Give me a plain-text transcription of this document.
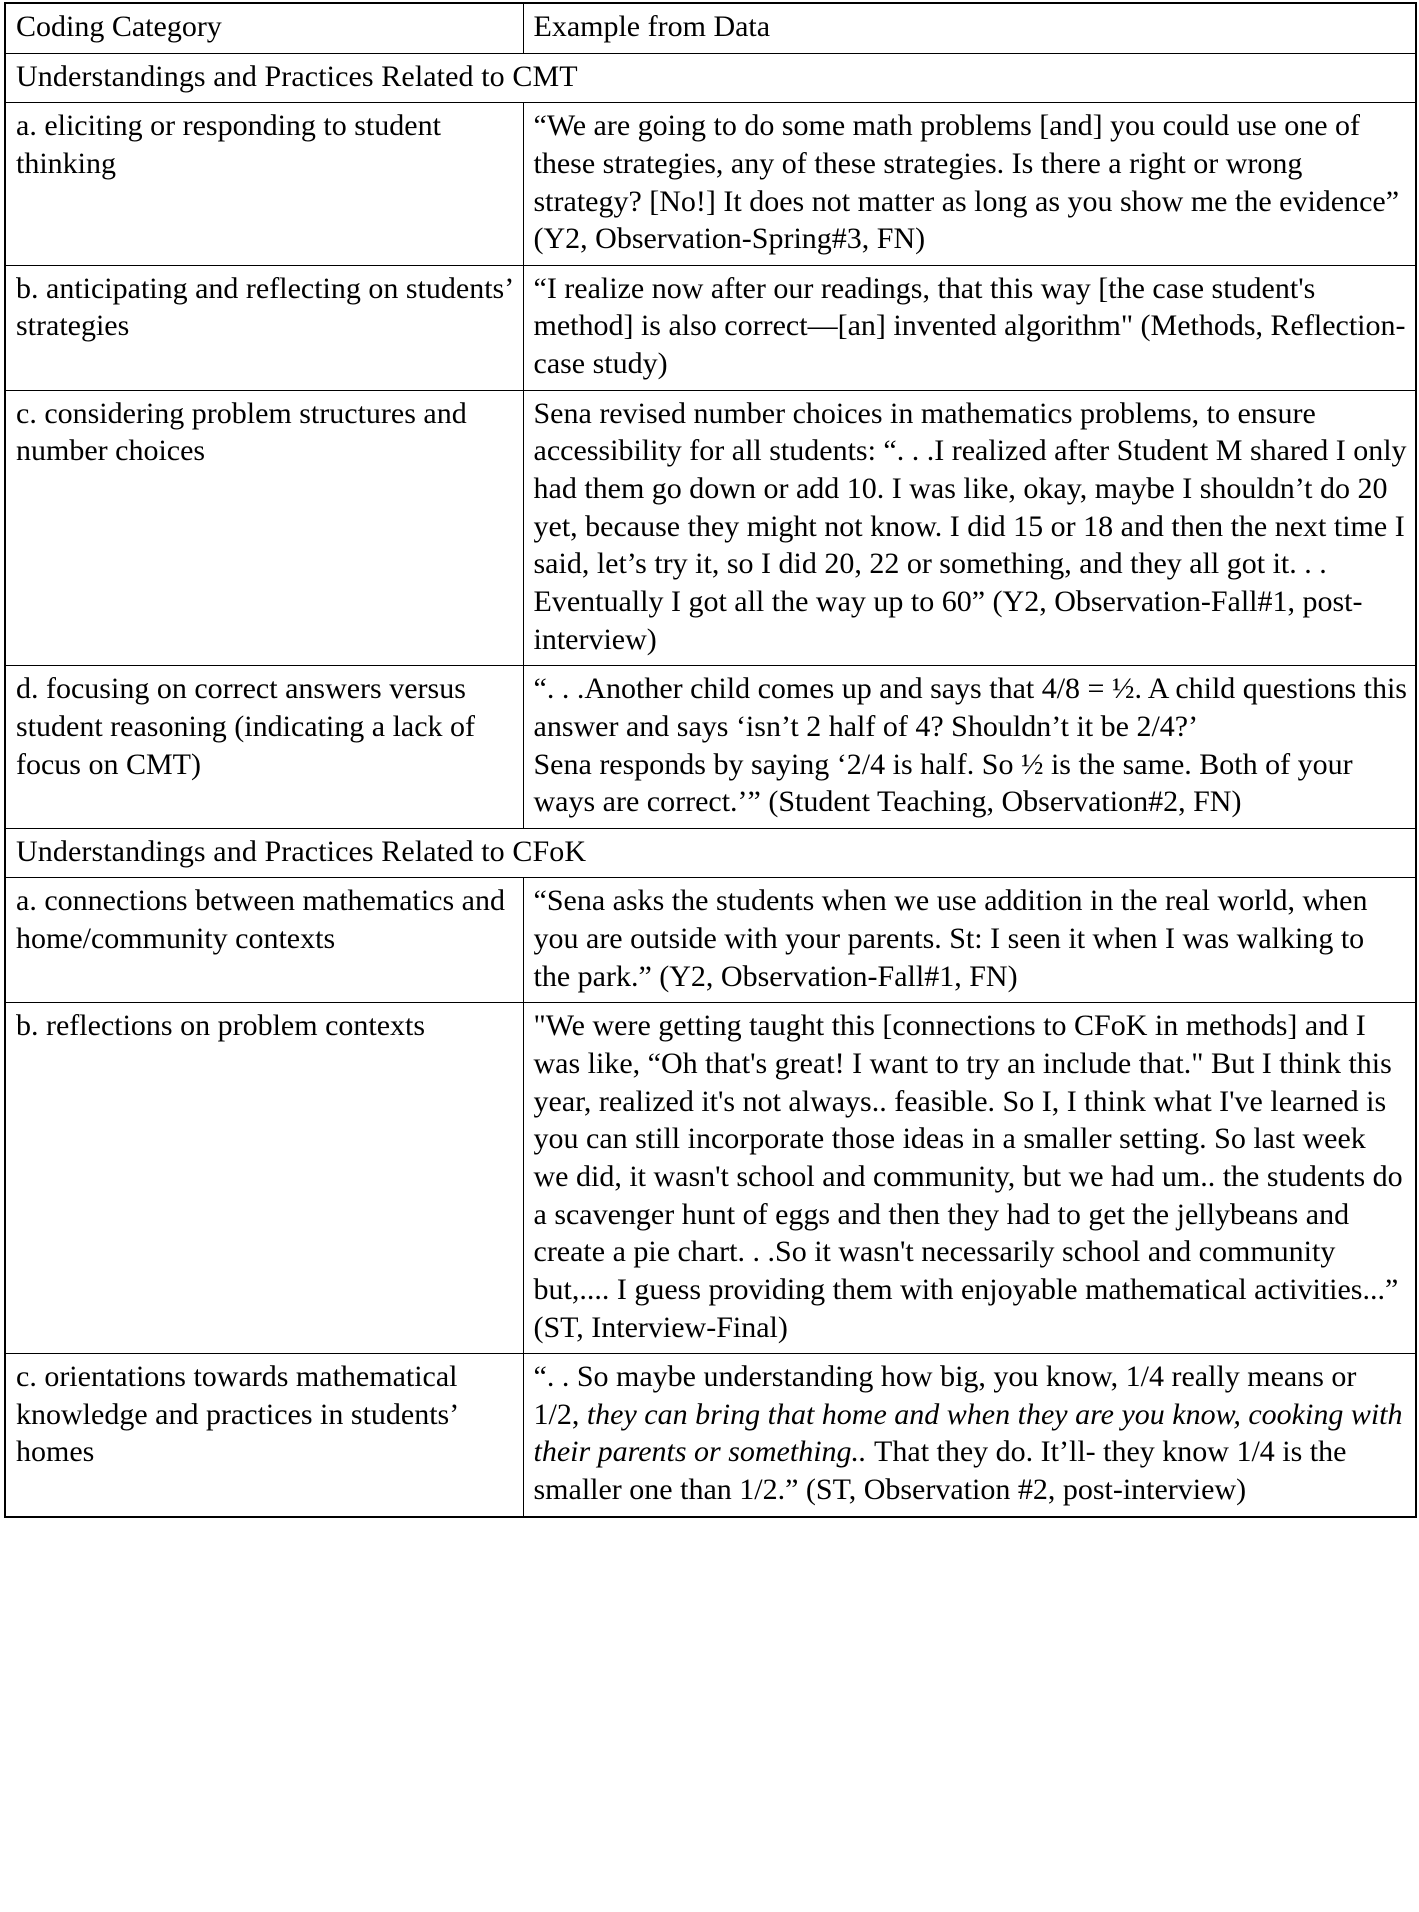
Coding Category	Example from Data
Understandings and Practices Related to CMT	
a. eliciting or responding to student thinking	“We are going to do some math problems [and] you could use one of these strategies, any of these strategies. Is there a right or wrong strategy? [No!] It does not matter as long as you show me the evidence” (Y2, Observation-Spring#3, FN)
b. anticipating and reflecting on students’ strategies	“I realize now after our readings, that this way [the case student's method] is also correct—[an] invented algorithm" (Methods, Reflection-case study)
c. considering problem structures and number choices	Sena revised number choices in mathematics problems, to ensure accessibility for all students: “. . .I realized after Student M shared I only had them go down or add 10. I was like, okay, maybe I shouldn’t do 20 yet, because they might not know. I did 15 or 18 and then the next time I said, let’s try it, so I did 20, 22 or something, and they all got it. . . Eventually I got all the way up to 60” (Y2, Observation-Fall#1, post-interview)
d. focusing on correct answers versus student reasoning (indicating a lack of focus on CMT)	“. . .Another child comes up and says that 4/8 = ½. A child questions this answer and says ‘isn’t 2 half of 4? Shouldn’t it be 2/4?’

Sena responds by saying ‘2/4 is half. So ½ is the same. Both of your ways are correct.’” (Student Teaching, Observation#2, FN)

Understandings and Practices Related to CFoK	
a. connections between mathematics and home/community contexts	“Sena asks the students when we use addition in the real world, when you are outside with your parents. St: I seen it when I was walking to the park.” (Y2, Observation-Fall#1, FN)
b. reflections on problem contexts	"We were getting taught this [connections to CFoK in methods] and I was like, “Oh that's great! I want to try an include that." But I think this year, realized it's not always.. feasible. So I, I think what I've learned is you can still incorporate those ideas in a smaller setting. So last week we did, it wasn't school and community, but we had um.. the students do a scavenger hunt of eggs and then they had to get the jellybeans and create a pie chart. . .So it wasn't necessarily school and community but,.... I guess providing them with enjoyable mathematical activities...” (ST, Interview-Final)
c. orientations towards mathematical knowledge and practices in students’ homes	“. . So maybe understanding how big, you know, 1/4 really means or 1/2, they can bring that home and when they are you know, cooking with their parents or something.. That they do. It’ll- they know 1/4 is the smaller one than 1/2.” (ST, Observation #2, post-interview)
